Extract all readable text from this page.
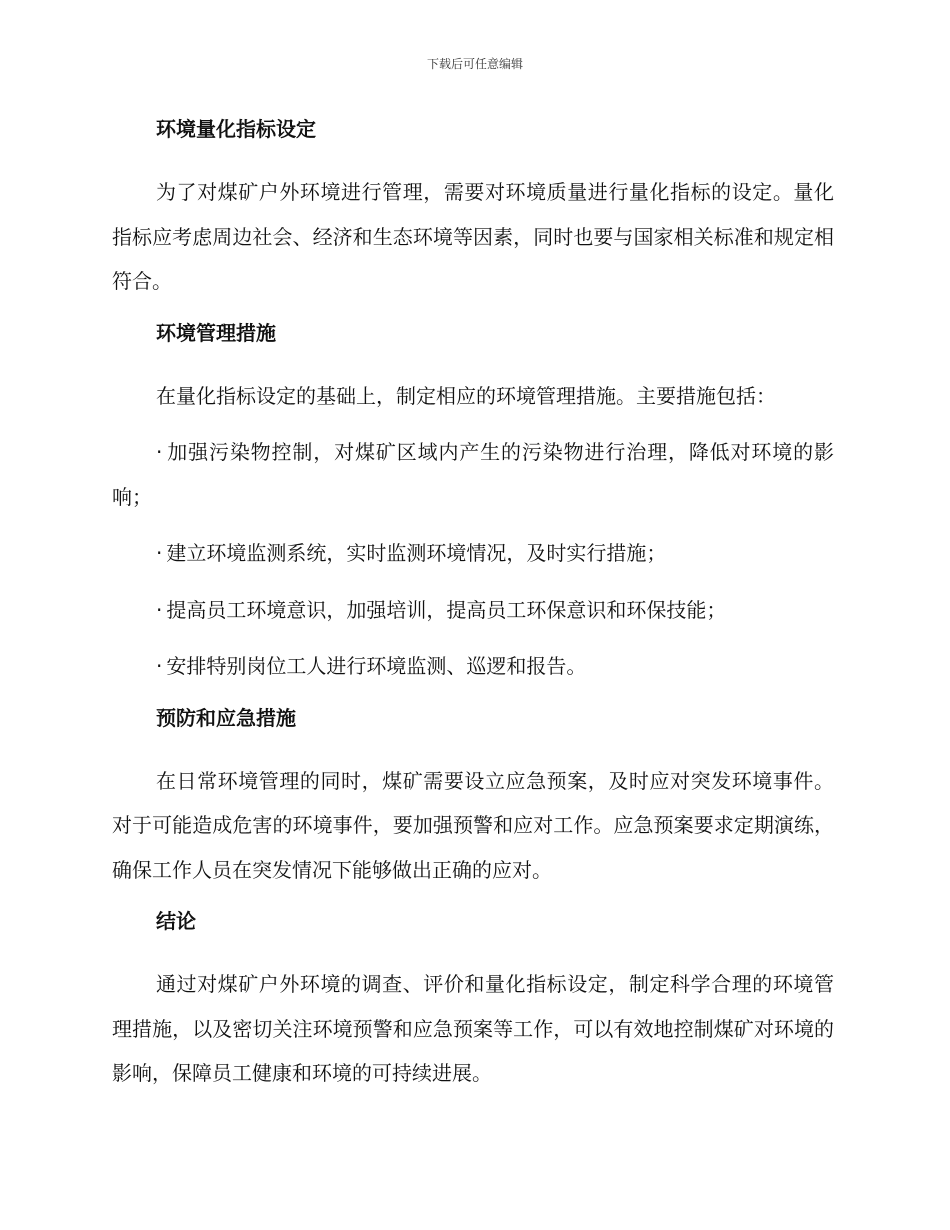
下载后可任意编辑
环境量化指标设定
为了对煤矿户外环境进行管理，需要对环境质量进行量化指标的设定。量化指标应考虑周边社会、经济和生态环境等因素，同时也要与国家相关标准和规定相符合。
环境管理措施
在量化指标设定的基础上，制定相应的环境管理措施。主要措施包括：
· 加强污染物控制，对煤矿区域内产生的污染物进行治理，降低对环境的影响；
· 建立环境监测系统，实时监测环境情况，及时实行措施；
· 提高员工环境意识，加强培训，提高员工环保意识和环保技能；
· 安排特别岗位工人进行环境监测、巡逻和报告。
预防和应急措施
在日常环境管理的同时，煤矿需要设立应急预案，及时应对突发环境事件。对于可能造成危害的环境事件，要加强预警和应对工作。应急预案要求定期演练，确保工作人员在突发情况下能够做出正确的应对。
结论
通过对煤矿户外环境的调查、评价和量化指标设定，制定科学合理的环境管理措施，以及密切关注环境预警和应急预案等工作，可以有效地控制煤矿对环境的影响，保障员工健康和环境的可持续进展。
